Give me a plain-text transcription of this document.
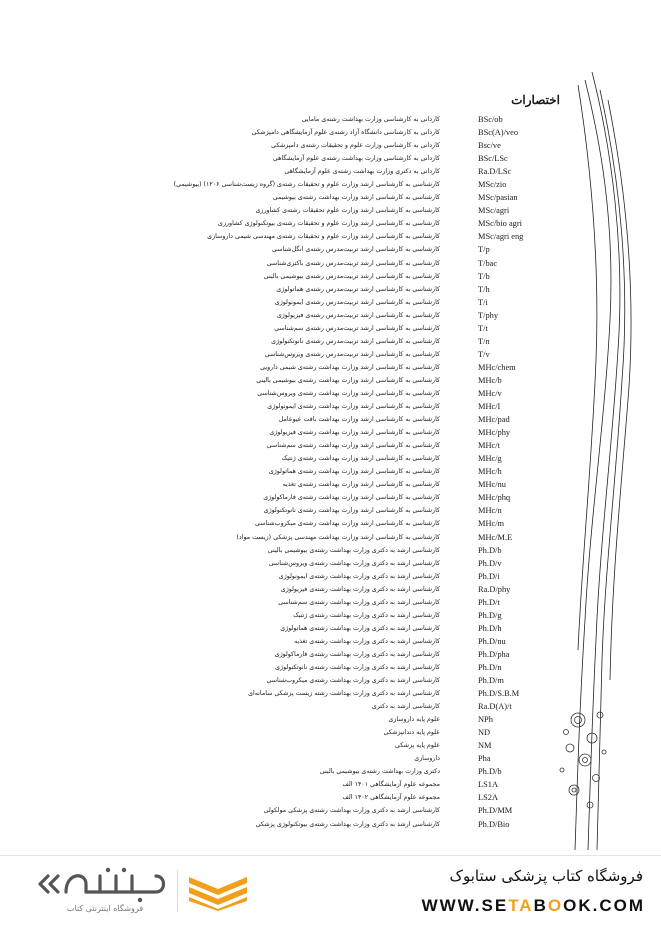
اختصارات
کاردانی به کارشناسی وزارت بهداشت رشته‌ی مامایی	BSc/ob
کاردانی به کارشناسی دانشگاه آزاد رشته‌ی علوم آزمایشگاهی دامپزشکی	BSc(A)/veo
کاردانی به کارشناسی وزارت علوم و تحقیقات رشته‌ی دامپزشکی	Bsc/ve
کاردانی به کارشناسی وزارت بهداشت رشته‌ی علوم آزمایشگاهی	BSc/LSc
کاردانی به دکتری وزارت بهداشت رشته‌ی علوم آزمایشگاهی	Ra.D/LSc
کارشناسی به کارشناسی ارشد وزارت علوم و تحقیقات رشته‌ی (گروه زیست‌شناسی ۱۲۰۶) (بیوشیمی)	MSc/zio
کارشناسی به کارشناسی ارشد وزارت بهداشت رشته‌ی بیوشیمی	MSc/pasian
کارشناسی به کارشناسی ارشد وزارت علوم تحقیقات رشته‌ی کشاورزی	MSc/agri
کارشناسی به کارشناسی ارشد وزارت علوم و تحقیقات رشته‌ی بیوتکنولوژی کشاورزی	MSc/bio agri
کارشناسی به کارشناسی ارشد وزارت علوم و تحقیقات رشته‌ی مهندسی شیمی داروسازی	MSc/agri eng
کارشناسی به کارشناسی ارشد تربیت‌مدرس رشته‌ی انگل‌شناسی	T/p
کارشناسی به کارشناسی ارشد تربیت‌مدرس رشته‌ی باکتری‌شناسی	T/bac
کارشناسی به کارشناسی ارشد تربیت‌مدرس رشته‌ی بیوشیمی بالینی	T/b
کارشناسی به کارشناسی ارشد تربیت‌مدرس رشته‌ی هماتولوژی	T/h
کارشناسی به کارشناسی ارشد تربیت‌مدرس رشته‌ی ایمونولوژی	T/i
کارشناسی به کارشناسی ارشد تربیت‌مدرس رشته‌ی فیزیولوژی	T/phy
کارشناسی به کارشناسی ارشد تربیت‌مدرس رشته‌ی سم‌شناسی	T/t
کارشناسی به کارشناسی ارشد تربیت‌مدرس رشته‌ی نانوتکنولوژی	T/n
کارشناسی به کارشناسی ارشد تربیت‌مدرس رشته‌ی ویروس‌شناسی	T/v
کارشناسی به کارشناسی ارشد وزارت بهداشت رشته‌ی شیمی دارویی	MHc/chem
کارشناسی به کارشناسی ارشد وزارت بهداشت رشته‌ی بیوشیمی بالینی	MHc/b
کارشناسی به کارشناسی ارشد وزارت بهداشت رشته‌ی ویروس‌شناسی	MHc/v
کارشناسی به کارشناسی ارشد وزارت بهداشت رشته‌ی ایمونولوژی	MHc/I
کارشناسی به کارشناسی ارشد وزارت بهداشت بافت عیوعامل	MHc/pad
کارشناسی به کارشناسی ارشد وزارت بهداشت رشته‌ی فیزیولوژی	MHc/phy
کارشناسی به کارشناسی ارشد وزارت بهداشت رشته‌ی سم‌شناسی	MHc/t
کارشناسی به کارشناسی ارشد وزارت بهداشت رشته‌ی ژنتیک	MHc/g
کارشناسی به کارشناسی ارشد وزارت بهداشت رشته‌ی هماتولوژی	MHc/h
کارشناسی به کارشناسی ارشد وزارت بهداشت رشته‌ی تغذیه	MHc/nu
کارشناسی به کارشناسی ارشد وزارت بهداشت رشته‌ی فارماکولوژی	MHc/phq
کارشناسی به کارشناسی ارشد وزارت بهداشت رشته‌ی نانوتکنولوژی	MHc/n
کارشناسی به کارشناسی ارشد وزارت بهداشت رشته‌ی میکروب‌شناسی	MHc/m
کارشناسی به کارشناسی ارشد وزارت بهداشت مهندسی پزشکی (زیست مواد)	MHc/M.E
کارشناسی ارشد به دکتری وزارت بهداشت رشته‌ی بیوشیمی بالینی	Ph.D/b
کارشناسی ارشد به دکتری وزارت بهداشت رشته‌ی ویروس‌شناسی	Ph.D/v
کارشناسی ارشد به دکتری وزارت بهداشت رشته‌ی ایمونولوژی	Ph.D/i
کارشناسی ارشد به دکتری وزارت بهداشت رشته‌ی فیزیولوژی	Ra.D/phy
کارشناسی ارشد به دکتری وزارت بهداشت رشته‌ی سم‌شناسی	Ph.D/t
کارشناسی ارشد به دکتری وزارت بهداشت رشته‌ی ژنتیک	Ph.D/g
کارشناسی ارشد به دکتری وزارت بهداشت رشته‌ی هماتولوژی	Ph.D/h
کارشناسی ارشد به دکتری وزارت بهداشت رشته‌ی تغذیه	Ph.D/nu
کارشناسی ارشد به دکتری وزارت بهداشت رشته‌ی فارماکولوژی	Ph.D/pha
کارشناسی ارشد به دکتری وزارت بهداشت رشته‌ی نانوتکنولوژی	Ph.D/n
کارشناسی ارشد به دکتری وزارت بهداشت رشته‌ی میکروب‌شناسی	Ph.D/m
کارشناسی ارشد به دکتری وزارت بهداشت رشته زیست پزشکی سامانه‌ای	Ph.D/S.B.M
کارشناسی ارشد به دکتری	Ra.D(A)/t
علوم پایه داروسازی	NPh
علوم پایه دندانپزشکی	ND
علوم پایه پزشکی	NM
داروسازی	Pha
دکتری وزارت بهداشت رشته‌ی بیوشیمی بالینی	Ph.D/b
مجموعه علوم آزمایشگاهی ۱۴۰۱ الف	LS1A
مجموعه علوم آزمایشگاهی ۱۴۰۲ الف	LS2A
کارشناسی ارشد به دکتری وزارت بهداشت رشته‌ی پزشکی مولکولی	Ph.D/MM
کارشناسی ارشد به دکتری وزارت بهداشت رشته‌ی بیوتکنولوژی پزشکی	Ph.D/Bio
فروشگاه کتاب پزشکی ستابوک
WWW.SETABOOK.COM
فروشگاه اینترنتی کتاب
